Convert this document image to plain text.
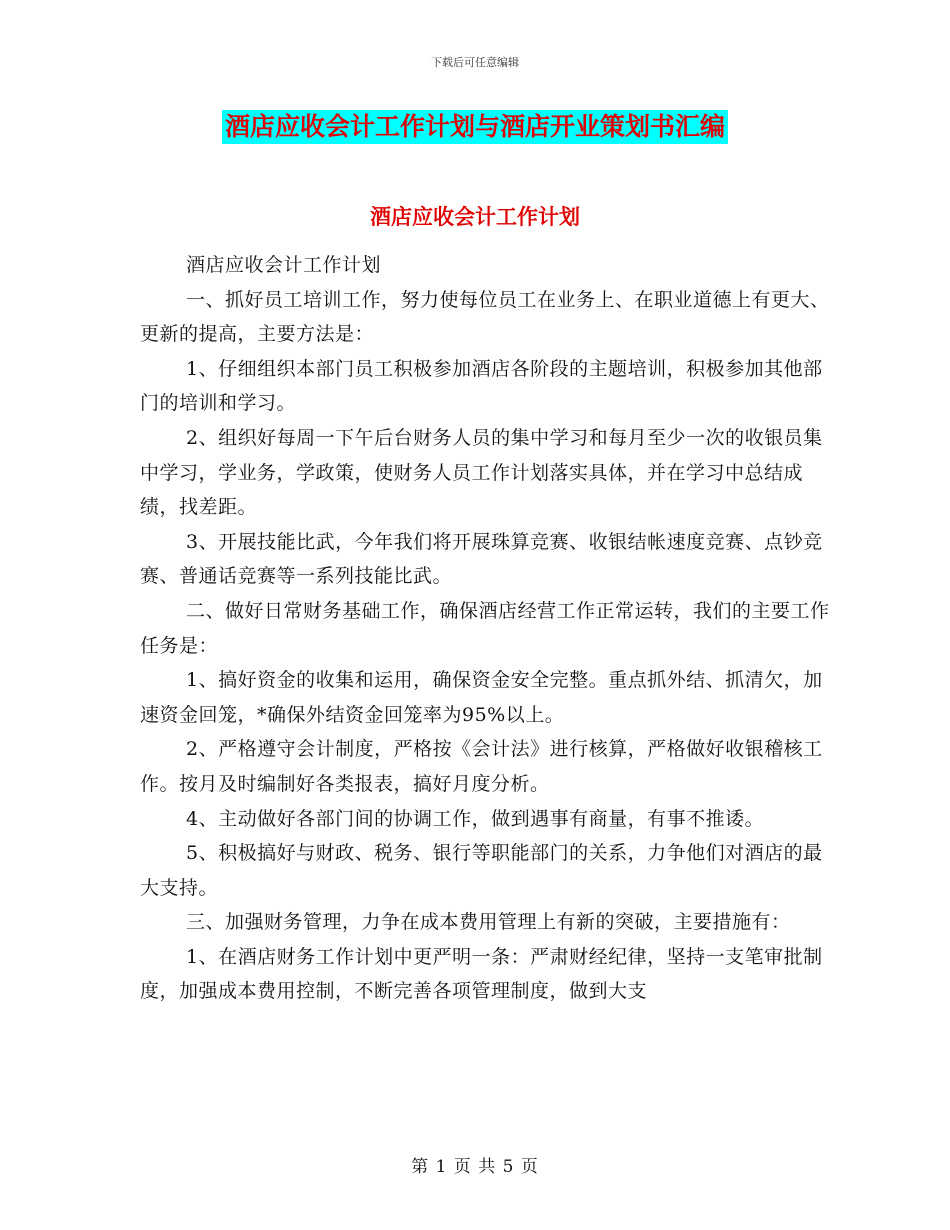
下载后可任意编辑
酒店应收会计工作计划与酒店开业策划书汇编
酒店应收会计工作计划

酒店应收会计工作计划

一、抓好员工培训工作，努力使每位员工在业务上、在职业道德上有更大、更新的提高，主要方法是：

1、仔细组织本部门员工积极参加酒店各阶段的主题培训，积极参加其他部门的培训和学习。

2、组织好每周一下午后台财务人员的集中学习和每月至少一次的收银员集中学习，学业务，学政策，使财务人员工作计划落实具体，并在学习中总结成绩，找差距。

3、开展技能比武，今年我们将开展珠算竞赛、收银结帐速度竞赛、点钞竞赛、普通话竞赛等一系列技能比武。

二、做好日常财务基础工作，确保酒店经营工作正常运转，我们的主要工作任务是：

1、搞好资金的收集和运用，确保资金安全完整。重点抓外结、抓清欠，加速资金回笼，*确保外结资金回笼率为95%以上。

2、严格遵守会计制度，严格按《会计法》进行核算，严格做好收银稽核工作。按月及时编制好各类报表，搞好月度分析。

4、主动做好各部门间的协调工作，做到遇事有商量，有事不推诿。

5、积极搞好与财政、税务、银行等职能部门的关系，力争他们对酒店的最大支持。

三、加强财务管理，力争在成本费用管理上有新的突破，主要措施有：

1、在酒店财务工作计划中更严明一条：严肃财经纪律，坚持一支笔审批制度，加强成本费用控制，不断完善各项管理制度，做到大支

第 1 页 共 5 页
